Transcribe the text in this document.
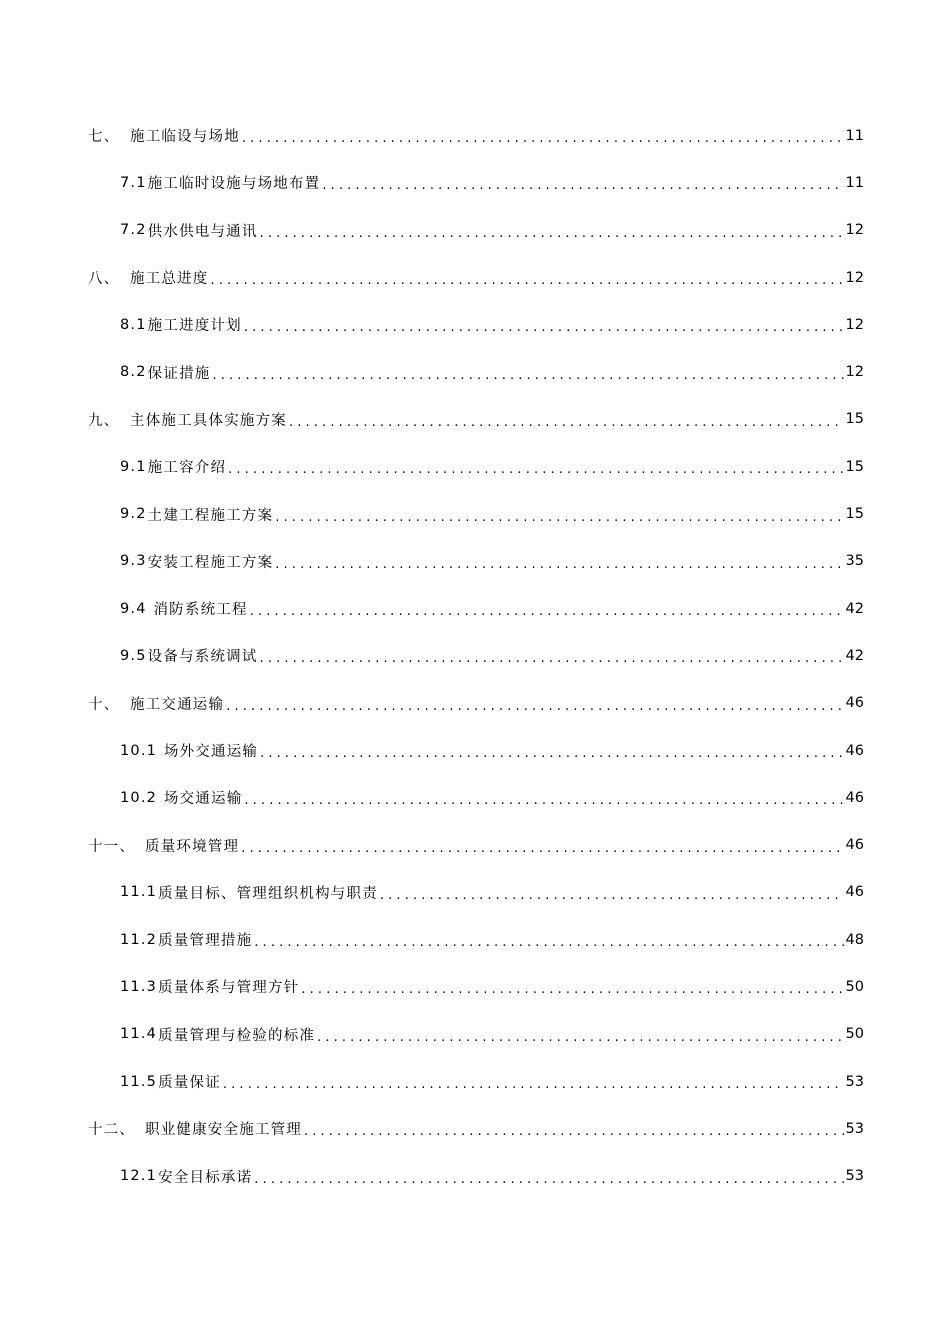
七、 施工临设与场地 . . .	11
7.1 施工临时设施与场地布置 . . .	11
7.2 供水供电与通讯 . . .	12
八、 施工总进度 . . .	12
8.1 施工进度计划 . . .	12
8.2 保证措施 . . .	12
九、 主体施工具体实施方案 . . .	15
9.1 施工容介绍 . . .	15
9.2 土建工程施工方案 . . .	15
9.3 安装工程施工方案 . . .	35
9.4 消防系统工程 . . .	42
9.5 设备与系统调试 . . .	42
十、 施工交通运输 . . .	46
10.1 场外交通运输 . . .	46
10.2 场交通运输 . . .	46
十一、 质量环境管理 . . .	46
11.1 质量目标、管理组织机构与职责 . . .	46
11.2 质量管理措施 . . .	48
11.3 质量体系与管理方针 . . .	50
11.4 质量管理与检验的标准 . . .	50
11.5 质量保证 . . .	53
十二、 职业健康安全施工管理 . . .	53
12.1 安全目标承诺 . . .	53
